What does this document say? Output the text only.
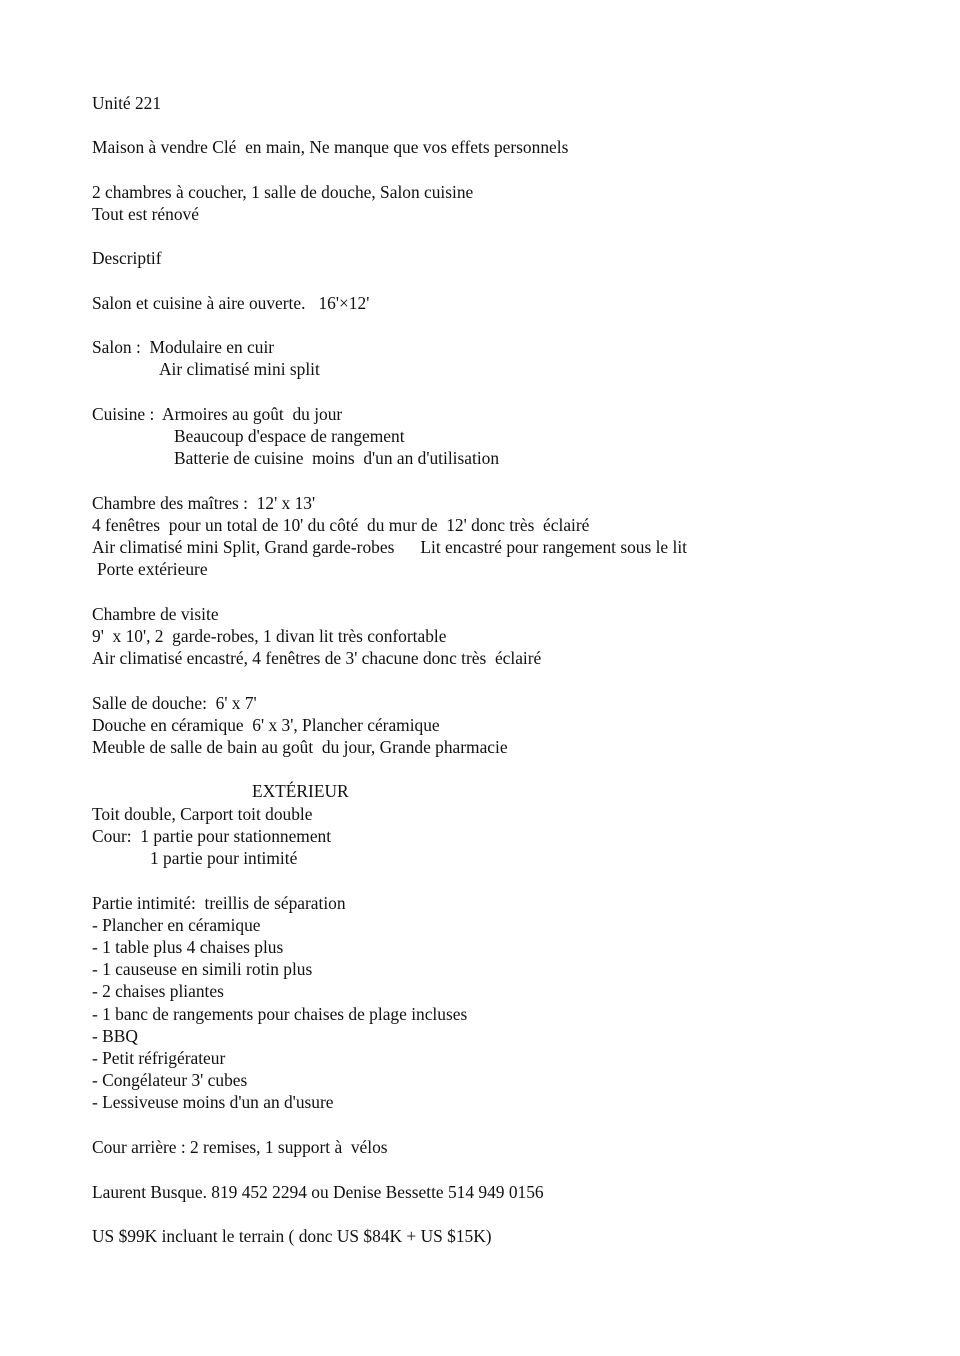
Unité 221
Maison à vendre Clé  en main, Ne manque que vos effets personnels
2 chambres à coucher, 1 salle de douche, Salon cuisine
Tout est rénové
Descriptif
Salon et cuisine à aire ouverte.   16'×12'
Salon :  Modulaire en cuir
Air climatisé mini split
Cuisine :  Armoires au goût  du jour
Beaucoup d'espace de rangement
Batterie de cuisine  moins  d'un an d'utilisation
Chambre des maîtres :  12' x 13'
4 fenêtres  pour un total de 10' du côté  du mur de  12' donc très  éclairé
Air climatisé mini Split, Grand garde-robes      Lit encastré pour rangement sous le lit
Porte extérieure
Chambre de visite
9'  x 10', 2  garde-robes, 1 divan lit très confortable
Air climatisé encastré, 4 fenêtres de 3' chacune donc très  éclairé
Salle de douche:  6' x 7'
Douche en céramique  6' x 3', Plancher céramique
Meuble de salle de bain au goût  du jour, Grande pharmacie
EXTÉRIEUR
Toit double, Carport toit double
Cour:  1 partie pour stationnement
1 partie pour intimité
Partie intimité:  treillis de séparation
- Plancher en céramique
- 1 table plus 4 chaises plus
- 1 causeuse en simili rotin plus
- 2 chaises pliantes
- 1 banc de rangements pour chaises de plage incluses
- BBQ
- Petit réfrigérateur
- Congélateur 3' cubes
- Lessiveuse moins d'un an d'usure
Cour arrière : 2 remises, 1 support à  vélos
Laurent Busque. 819 452 2294 ou Denise Bessette 514 949 0156
US $99K incluant le terrain ( donc US $84K + US $15K)
